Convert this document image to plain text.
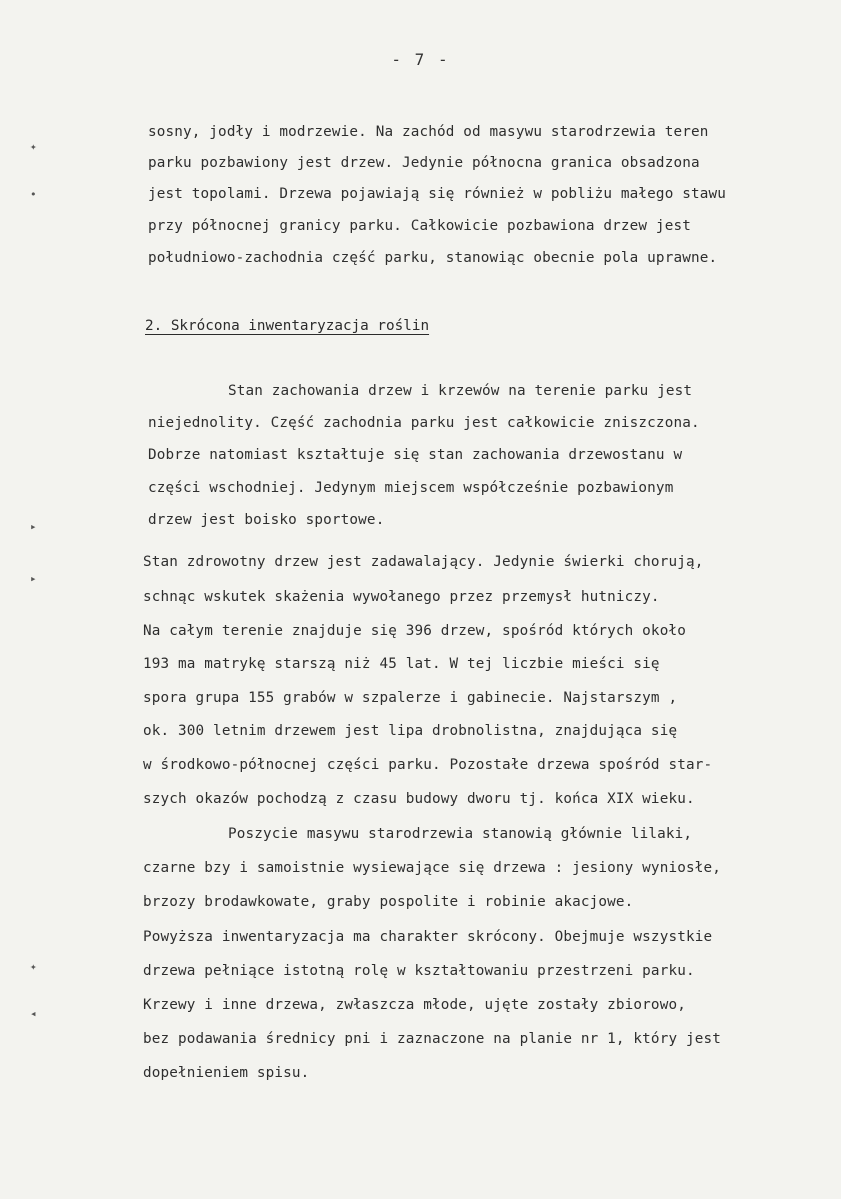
- 7 -
sosny, jodły i modrzewie. Na zachód od masywu starodrzewia teren
parku pozbawiony jest drzew. Jedynie północna granica obsadzona
jest topolami. Drzewa pojawiają się również w pobliżu małego stawu
przy północnej granicy parku. Całkowicie pozbawiona drzew jest
południowo-zachodnia część parku, stanowiąc obecnie pola uprawne.
2. Skrócona inwentaryzacja roślin
Stan zachowania drzew i krzewów na terenie parku jest
niejednolity. Część zachodnia parku jest całkowicie zniszczona.
Dobrze natomiast kształtuje się stan zachowania drzewostanu w
części wschodniej. Jedynym miejscem współcześnie pozbawionym
drzew jest boisko sportowe.
Stan zdrowotny drzew jest zadawalający. Jedynie świerki chorują,
schnąc wskutek skażenia wywołanego przez przemysł hutniczy.
Na całym terenie znajduje się 396 drzew, spośród których około
193 ma matrykę starszą niż 45 lat. W tej liczbie mieści się
spora grupa 155 grabów w szpalerze i gabinecie. Najstarszym ,
ok. 300 letnim drzewem jest lipa drobnolistna, znajdująca się
w środkowo-północnej części parku. Pozostałe drzewa spośród star-
szych okazów pochodzą z czasu budowy dworu tj. końca XIX wieku.
Poszycie masywu starodrzewia stanowią głównie lilaki,
czarne bzy i samoistnie wysiewające się drzewa : jesiony wyniosłe,
brzozy brodawkowate, graby pospolite i robinie akacjowe.
Powyższa inwentaryzacja ma charakter skrócony. Obejmuje wszystkie
drzewa pełniące istotną rolę w kształtowaniu przestrzeni parku.
Krzewy i inne drzewa, zwłaszcza młode, ujęte zostały zbiorowo,
bez podawania średnicy pni i zaznaczone na planie nr 1, który jest
dopełnieniem spisu.
✦
•
▸
▸
✦
◂
